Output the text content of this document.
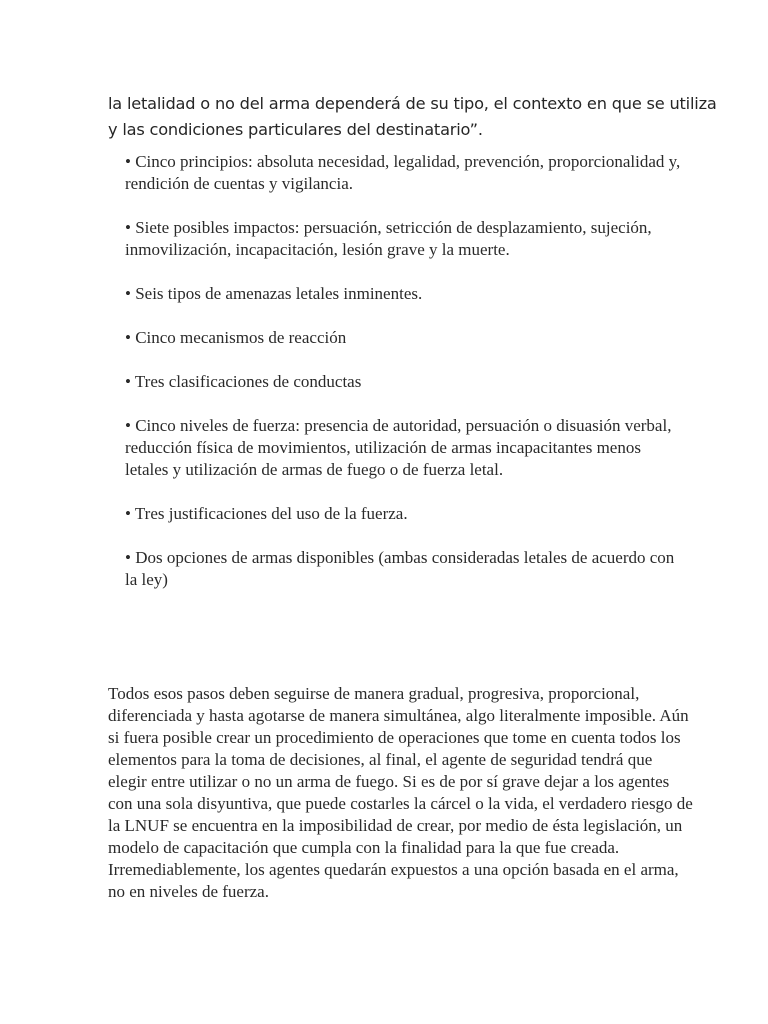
la letalidad o no del arma dependerá de su tipo, el contexto en que se utiliza y las condiciones particulares del destinatario”.

• Cinco principios: absoluta necesidad, legalidad, prevención, proporcionalidad y, rendición de cuentas y vigilancia.
• Siete posibles impactos: persuación, setricción de desplazamiento, sujeción, inmovilización, incapacitación, lesión grave y la muerte.
• Seis tipos de amenazas letales inminentes.
• Cinco mecanismos de reacción
• Tres clasificaciones de conductas
• Cinco niveles de fuerza: presencia de autoridad, persuación o disuasión verbal, reducción física de movimientos, utilización de armas incapacitantes menos letales y utilización de armas de fuego o de fuerza letal.
• Tres justificaciones del uso de la fuerza.
• Dos opciones de armas disponibles (ambas consideradas letales de acuerdo con la ley)

Todos esos pasos deben seguirse de manera gradual, progresiva, proporcional, diferenciada y hasta agotarse de manera simultánea, algo literalmente imposible. Aún si fuera posible crear un procedimiento de operaciones que tome en cuenta todos los elementos para la toma de decisiones, al final, el agente de seguridad tendrá que elegir entre utilizar o no un arma de fuego. Si es de por sí grave dejar a los agentes con una sola disyuntiva, que puede costarles la cárcel o la vida, el verdadero riesgo de la LNUF se encuentra en la imposibilidad de crear, por medio de ésta legislación, un modelo de capacitación que cumpla con la finalidad para la que fue creada. Irremediablemente, los agentes quedarán expuestos a una opción basada en el arma, no en niveles de fuerza.
